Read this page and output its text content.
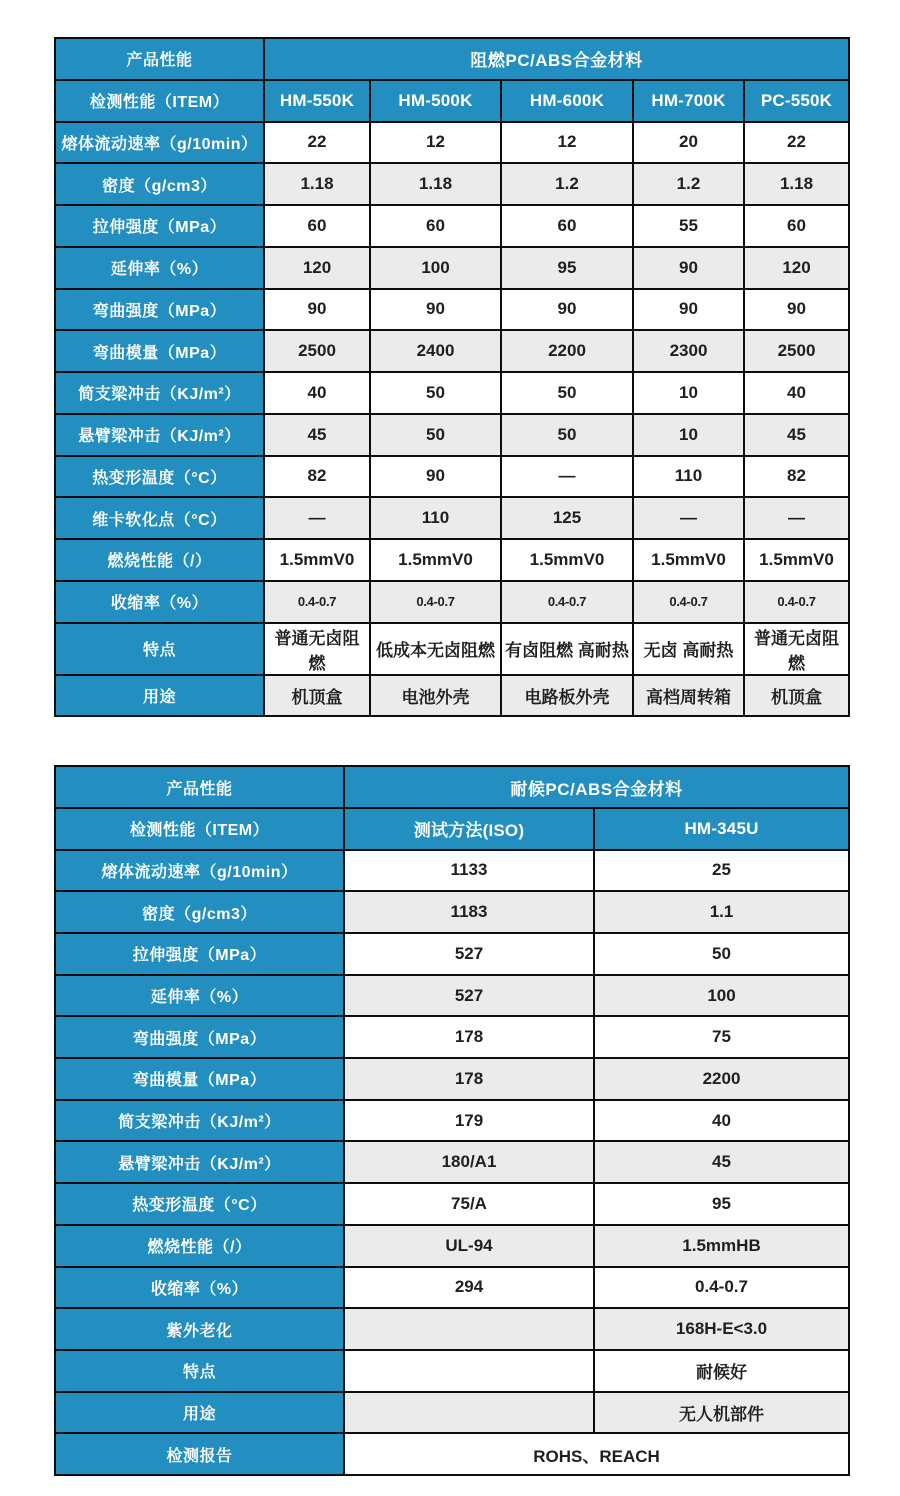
产品性能	阻燃PC/ABS合金材料				
检测性能（ITEM）	HM-550K	HM-500K	HM-600K	HM-700K	PC-550K
熔体流动速率（g/10min）	22	12	12	20	22
密度（g/cm3）	1.18	1.18	1.2	1.2	1.18
拉伸强度（MPa）	60	60	60	55	60
延伸率（%）	120	100	95	90	120
弯曲强度（MPa）	90	90	90	90	90
弯曲模量（MPa）	2500	2400	2200	2300	2500
简支梁冲击（KJ/m²）	40	50	50	10	40
悬臂梁冲击（KJ/m²）	45	50	50	10	45
热变形温度（°C）	82	90	—	110	82
维卡软化点（°C）	—	110	125	—	—
燃烧性能（/）	1.5mmV0	1.5mmV0	1.5mmV0	1.5mmV0	1.5mmV0
收缩率（%）	0.4-0.7	0.4-0.7	0.4-0.7	0.4-0.7	0.4-0.7
特点	普通无卤阻燃	低成本无卤阻燃	有卤阻燃 高耐热	无卤 高耐热	普通无卤阻燃
用途	机顶盒	电池外壳	电路板外壳	高档周转箱	机顶盒
产品性能	耐候PC/ABS合金材料	
检测性能（ITEM）	测试方法(ISO)	HM-345U
熔体流动速率（g/10min）	1133	25
密度（g/cm3）	1183	1.1
拉伸强度（MPa）	527	50
延伸率（%）	527	100
弯曲强度（MPa）	178	75
弯曲模量（MPa）	178	2200
简支梁冲击（KJ/m²）	179	40
悬臂梁冲击（KJ/m²）	180/A1	45
热变形温度（°C）	75/A	95
燃烧性能（/）	UL-94	1.5mmHB
收缩率（%）	294	0.4-0.7
紫外老化		168H-E<3.0
特点		耐候好
用途		无人机部件
检测报告	ROHS、REACH	
